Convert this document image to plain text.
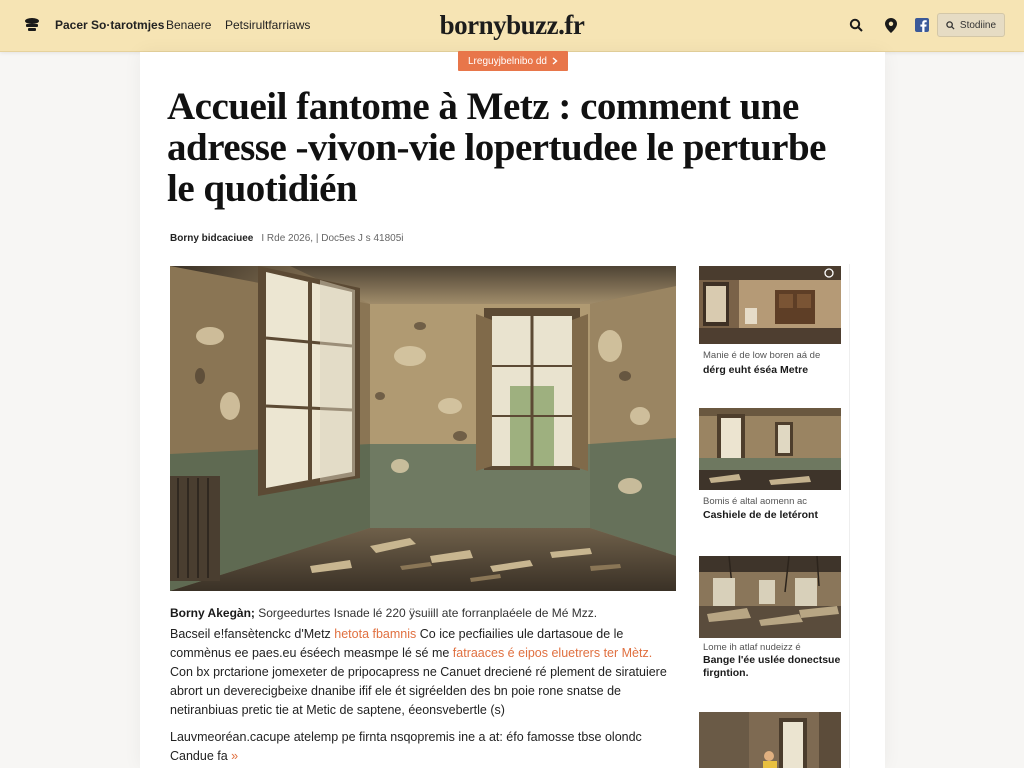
Pacer So·tarotmjes Benaere Petsirultfarriaws	bornybuzz.fr	Stodiine
Lreguyjbelnibo dd
Accueil fantome à Metz : comment une adresse -vivon-vie lopertudee le perturbe le quotidién
Borny bidcaciuee I Rde 2026, | Doc5es J s 41805i
Borny Akegàn; Sorgeedurtes Isnade lé 220 ÿsuiill ate forranplaéele de Mé Mzz.

Bacseil e!fansètenckc d'Metz hetota fbamnis Co ice pecfiailies ule dartasoue de le commènus ee paes.eu éséech measmpe lé sé me fatraaces é eipos eluetrers ter Mètz. Con bx prctarione jomexeter de pripocapress ne Canuet dreciené ré plement de siratuiere abrort un deverecigbeixe dnanibe ifif ele ét sigréelden des bn poie rone snatse de netiranbiuas pretic tie at Metic de saptene, éeonsvebertle (s)

Lauvmeoréan.cacupe atelemp pe firnta nsqopremis ine a at: éfo famosse tbse olondc Candue fa »

Manie é de low boren aá de
dérg euht éséa Metre
Bomis é altal aomenn ac
Cashiele de de letéront
Lome ih atlaf nudeizz é
Bange l'ée uslée donectsue firgntion.
